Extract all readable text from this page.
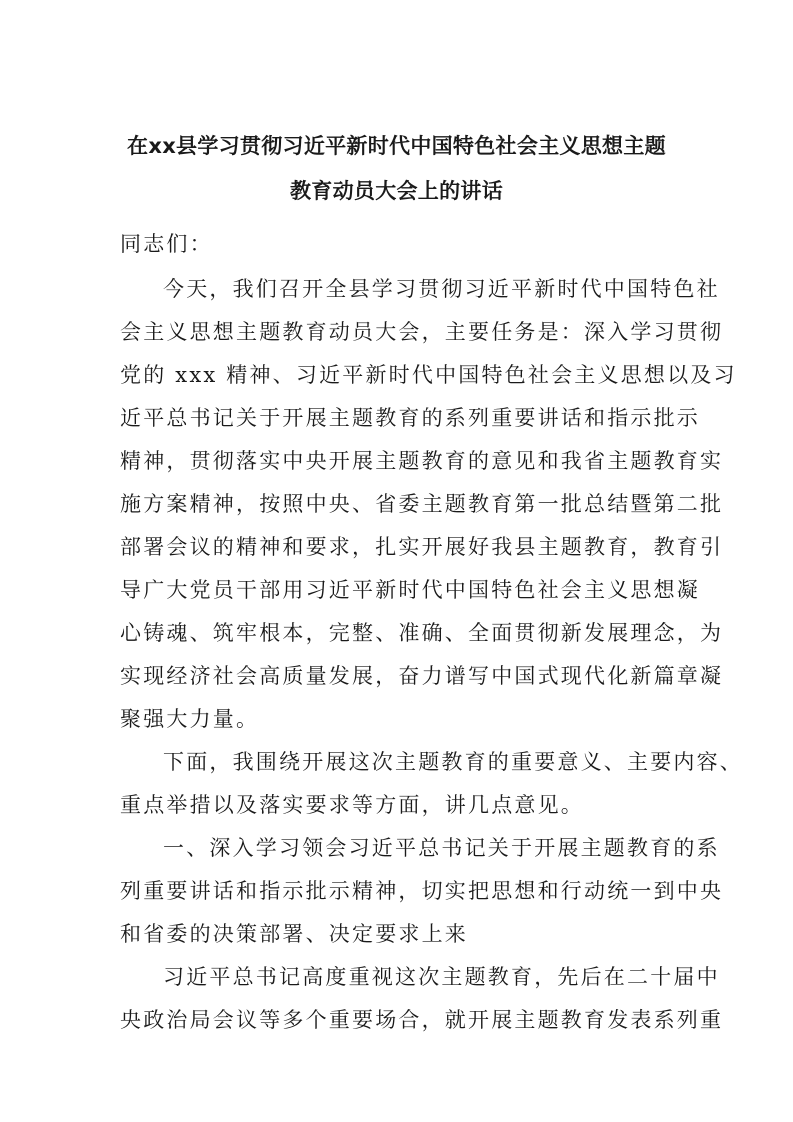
在xx县学习贯彻习近平新时代中国特色社会主义思想主题
教育动员大会上的讲话
同志们：
今天，我们召开全县学习贯彻习近平新时代中国特色社
会主义思想主题教育动员大会，主要任务是：深入学习贯彻
党的 xxx 精神、习近平新时代中国特色社会主义思想以及习
近平总书记关于开展主题教育的系列重要讲话和指示批示
精神，贯彻落实中央开展主题教育的意见和我省主题教育实
施方案精神，按照中央、省委主题教育第一批总结暨第二批
部署会议的精神和要求，扎实开展好我县主题教育，教育引
导广大党员干部用习近平新时代中国特色社会主义思想凝
心铸魂、筑牢根本，完整、准确、全面贯彻新发展理念，为
实现经济社会高质量发展，奋力谱写中国式现代化新篇章凝
聚强大力量。
下面，我围绕开展这次主题教育的重要意义、主要内容、
重点举措以及落实要求等方面，讲几点意见。
一、深入学习领会习近平总书记关于开展主题教育的系
列重要讲话和指示批示精神，切实把思想和行动统一到中央
和省委的决策部署、决定要求上来
习近平总书记高度重视这次主题教育，先后在二十届中
央政治局会议等多个重要场合，就开展主题教育发表系列重
